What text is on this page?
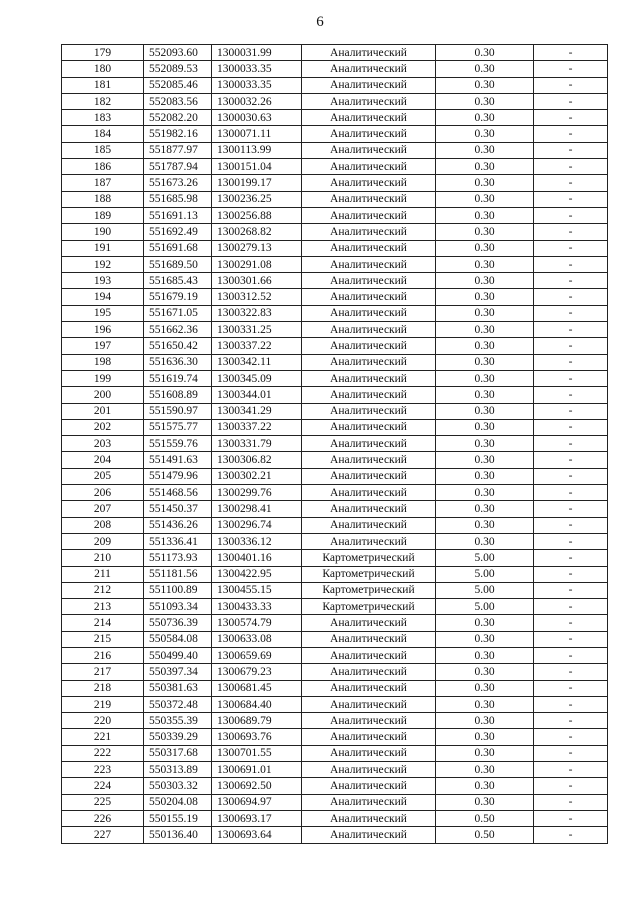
6
179	552093.60	1300031.99	Аналитический	0.30	-
180	552089.53	1300033.35	Аналитический	0.30	-
181	552085.46	1300033.35	Аналитический	0.30	-
182	552083.56	1300032.26	Аналитический	0.30	-
183	552082.20	1300030.63	Аналитический	0.30	-
184	551982.16	1300071.11	Аналитический	0.30	-
185	551877.97	1300113.99	Аналитический	0.30	-
186	551787.94	1300151.04	Аналитический	0.30	-
187	551673.26	1300199.17	Аналитический	0.30	-
188	551685.98	1300236.25	Аналитический	0.30	-
189	551691.13	1300256.88	Аналитический	0.30	-
190	551692.49	1300268.82	Аналитический	0.30	-
191	551691.68	1300279.13	Аналитический	0.30	-
192	551689.50	1300291.08	Аналитический	0.30	-
193	551685.43	1300301.66	Аналитический	0.30	-
194	551679.19	1300312.52	Аналитический	0.30	-
195	551671.05	1300322.83	Аналитический	0.30	-
196	551662.36	1300331.25	Аналитический	0.30	-
197	551650.42	1300337.22	Аналитический	0.30	-
198	551636.30	1300342.11	Аналитический	0.30	-
199	551619.74	1300345.09	Аналитический	0.30	-
200	551608.89	1300344.01	Аналитический	0.30	-
201	551590.97	1300341.29	Аналитический	0.30	-
202	551575.77	1300337.22	Аналитический	0.30	-
203	551559.76	1300331.79	Аналитический	0.30	-
204	551491.63	1300306.82	Аналитический	0.30	-
205	551479.96	1300302.21	Аналитический	0.30	-
206	551468.56	1300299.76	Аналитический	0.30	-
207	551450.37	1300298.41	Аналитический	0.30	-
208	551436.26	1300296.74	Аналитический	0.30	-
209	551336.41	1300336.12	Аналитический	0.30	-
210	551173.93	1300401.16	Картометрический	5.00	-
211	551181.56	1300422.95	Картометрический	5.00	-
212	551100.89	1300455.15	Картометрический	5.00	-
213	551093.34	1300433.33	Картометрический	5.00	-
214	550736.39	1300574.79	Аналитический	0.30	-
215	550584.08	1300633.08	Аналитический	0.30	-
216	550499.40	1300659.69	Аналитический	0.30	-
217	550397.34	1300679.23	Аналитический	0.30	-
218	550381.63	1300681.45	Аналитический	0.30	-
219	550372.48	1300684.40	Аналитический	0.30	-
220	550355.39	1300689.79	Аналитический	0.30	-
221	550339.29	1300693.76	Аналитический	0.30	-
222	550317.68	1300701.55	Аналитический	0.30	-
223	550313.89	1300691.01	Аналитический	0.30	-
224	550303.32	1300692.50	Аналитический	0.30	-
225	550204.08	1300694.97	Аналитический	0.30	-
226	550155.19	1300693.17	Аналитический	0.50	-
227	550136.40	1300693.64	Аналитический	0.50	-
